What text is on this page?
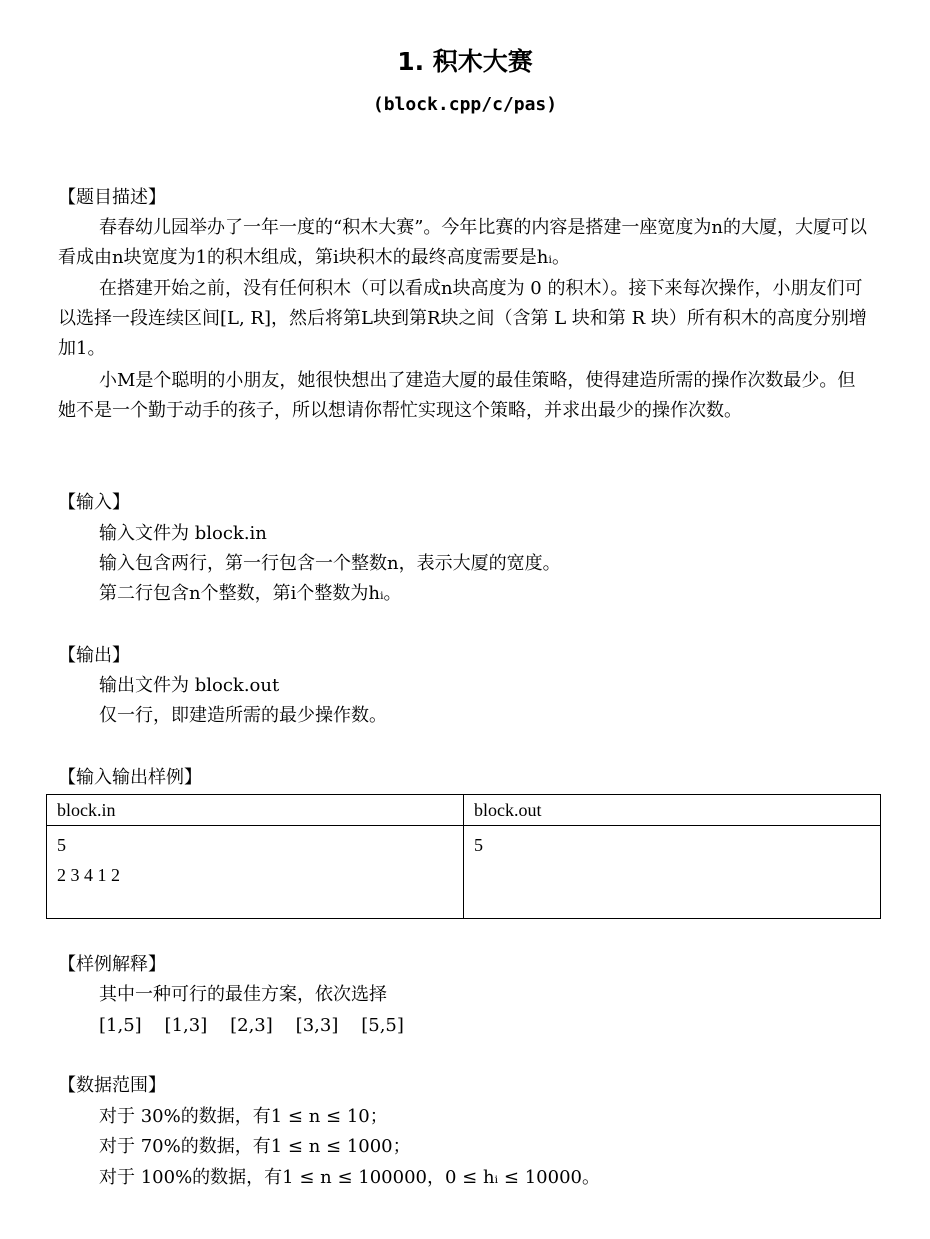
1. 积木大赛
(block.cpp/c/pas)
【题目描述】
春春幼儿园举办了一年一度的“积木大赛”。今年比赛的内容是搭建一座宽度为n的大厦，大厦可以看成由n块宽度为1的积木组成，第i块积木的最终高度需要是hᵢ。
在搭建开始之前，没有任何积木（可以看成n块高度为 0 的积木）。接下来每次操作，小朋友们可以选择一段连续区间[L, R]，然后将第L块到第R块之间（含第 L 块和第 R 块）所有积木的高度分别增加1。
小M是个聪明的小朋友，她很快想出了建造大厦的最佳策略，使得建造所需的操作次数最少。但她不是一个勤于动手的孩子，所以想请你帮忙实现这个策略，并求出最少的操作次数。
【输入】
输入文件为 block.in
输入包含两行，第一行包含一个整数n，表示大厦的宽度。
第二行包含n个整数，第i个整数为hᵢ。
【输出】
输出文件为 block.out
仅一行，即建造所需的最少操作数。
【输入输出样例】
block.in	block.out

5
2 3 4 1 2	5
【样例解释】
其中一种可行的最佳方案，依次选择
[1,5]    [1,3]    [2,3]    [3,3]    [5,5]
【数据范围】
对于 30%的数据，有1 ≤ n ≤ 10；
对于 70%的数据，有1 ≤ n ≤ 1000；
对于 100%的数据，有1 ≤ n ≤ 100000，0 ≤ hᵢ ≤ 10000。
